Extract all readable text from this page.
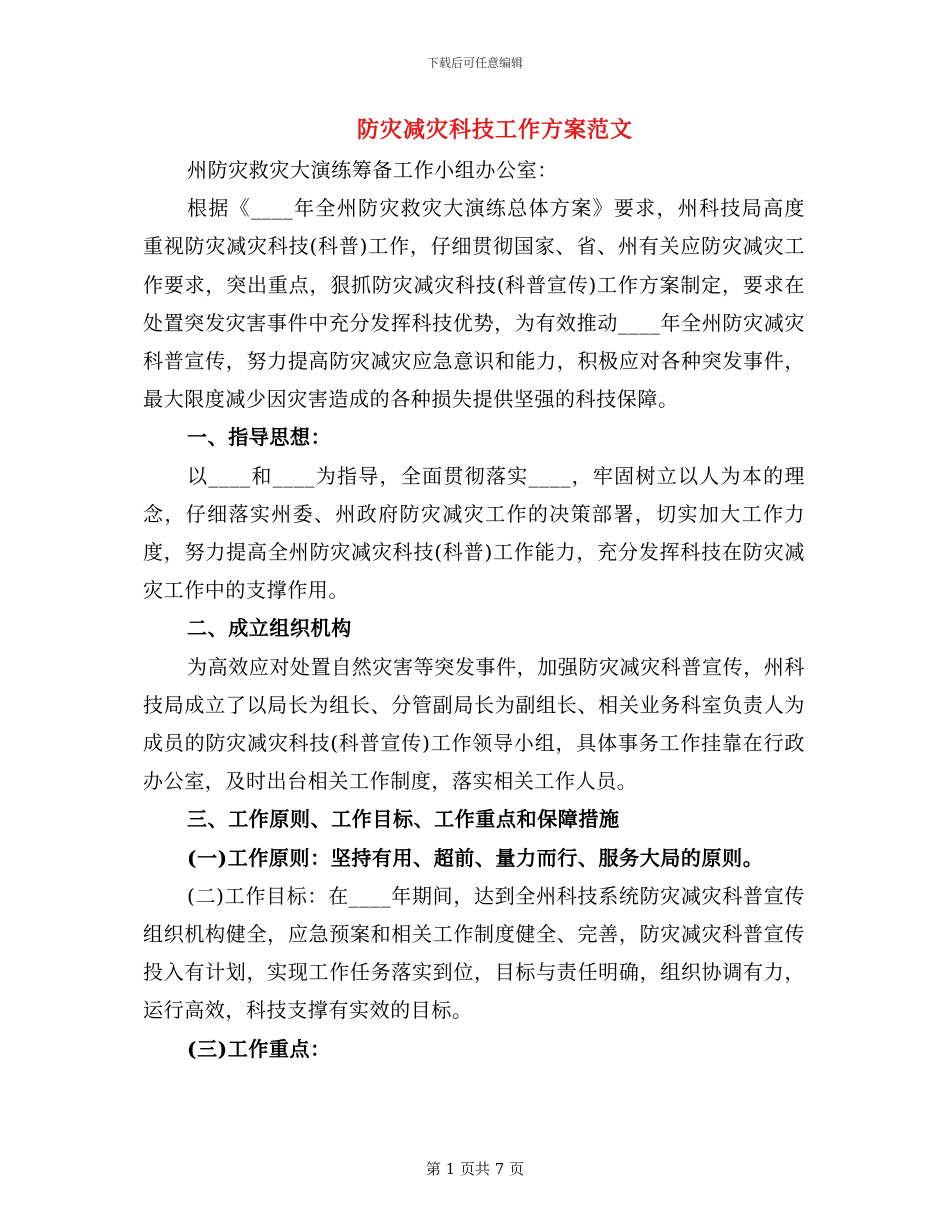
下载后可任意编辑
防灾减灾科技工作方案范文

州防灾救灾大演练筹备工作小组办公室：

根据《____年全州防灾救灾大演练总体方案》要求，州科技局高度重视防灾减灾科技(科普)工作，仔细贯彻国家、省、州有关应防灾减灾工作要求，突出重点，狠抓防灾减灾科技(科普宣传)工作方案制定，要求在处置突发灾害事件中充分发挥科技优势，为有效推动____年全州防灾减灾科普宣传，努力提高防灾减灾应急意识和能力，积极应对各种突发事件，最大限度减少因灾害造成的各种损失提供坚强的科技保障。

一、指导思想：

以____和____为指导，全面贯彻落实____，牢固树立以人为本的理念，仔细落实州委、州政府防灾减灾工作的决策部署，切实加大工作力度，努力提高全州防灾减灾科技(科普)工作能力，充分发挥科技在防灾减灾工作中的支撑作用。

二、成立组织机构

为高效应对处置自然灾害等突发事件，加强防灾减灾科普宣传，州科技局成立了以局长为组长、分管副局长为副组长、相关业务科室负责人为成员的防灾减灾科技(科普宣传)工作领导小组，具体事务工作挂靠在行政办公室，及时出台相关工作制度，落实相关工作人员。

三、工作原则、工作目标、工作重点和保障措施

(一)工作原则：坚持有用、超前、量力而行、服务大局的原则。

(二)工作目标：在____年期间，达到全州科技系统防灾减灾科普宣传组织机构健全，应急预案和相关工作制度健全、完善，防灾减灾科普宣传投入有计划，实现工作任务落实到位，目标与责任明确，组织协调有力，运行高效，科技支撑有实效的目标。

(三)工作重点：

第 1 页共 7 页
